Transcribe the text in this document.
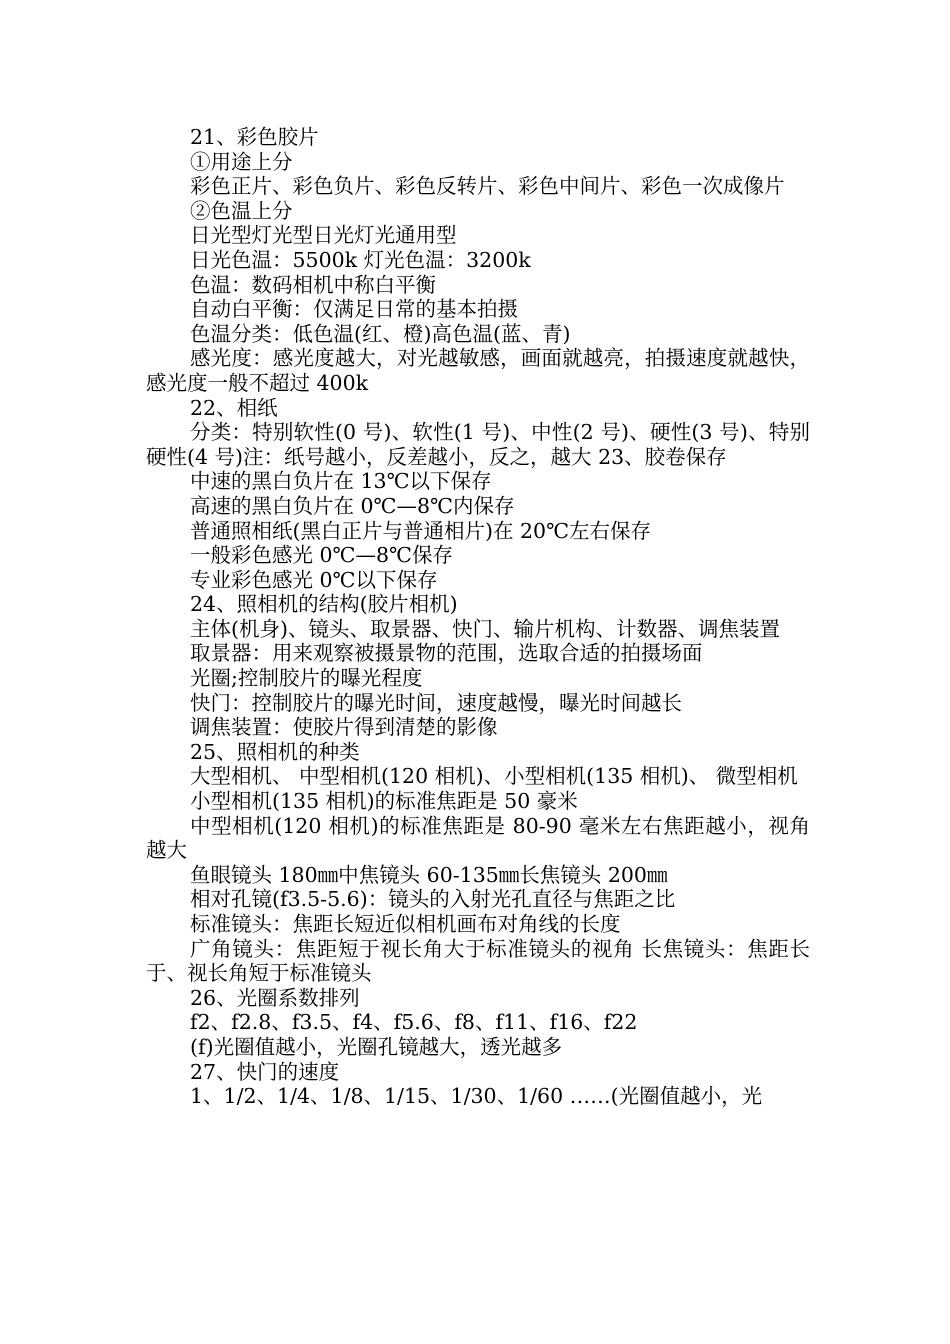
21、彩色胶片

①用途上分

彩色正片、彩色负片、彩色反转片、彩色中间片、彩色一次成像片

②色温上分

日光型灯光型日光灯光通用型

日光色温：5500k 灯光色温：3200k

色温：数码相机中称白平衡

自动白平衡：仅满足日常的基本拍摄

色温分类：低色温(红、橙)高色温(蓝、青)

感光度：感光度越大，对光越敏感，画面就越亮，拍摄速度就越快，感光度一般不超过 400k

22、相纸

分类：特别软性(0 号)、软性(1 号)、中性(2 号)、硬性(3 号)、特别硬性(4 号)注：纸号越小，反差越小，反之，越大 23、胶卷保存

中速的黑白负片在 13℃以下保存

高速的黑白负片在 0℃—8℃内保存

普通照相纸(黑白正片与普通相片)在 20℃左右保存

一般彩色感光 0℃—8℃保存

专业彩色感光 0℃以下保存

24、照相机的结构(胶片相机)

主体(机身)、镜头、取景器、快门、输片机构、计数器、调焦装置

取景器：用来观察被摄景物的范围，选取合适的拍摄场面

光圈;控制胶片的曝光程度

快门：控制胶片的曝光时间，速度越慢，曝光时间越长

调焦装置：使胶片得到清楚的影像

25、照相机的种类

大型相机、 中型相机(120 相机)、小型相机(135 相机)、 微型相机

小型相机(135 相机)的标准焦距是 50 豪米

中型相机(120 相机)的标准焦距是 80-90 毫米左右焦距越小，视角越大

鱼眼镜头 180㎜中焦镜头 60-135㎜长焦镜头 200㎜

相对孔镜(f3.5-5.6)：镜头的入射光孔直径与焦距之比

标准镜头：焦距长短近似相机画布对角线的长度

广角镜头：焦距短于视长角大于标准镜头的视角 长焦镜头：焦距长于、视长角短于标准镜头

26、光圈系数排列

f2、f2.8、f3.5、f4、f5.6、f8、f11、f16、f22

(f)光圈值越小，光圈孔镜越大，透光越多

27、快门的速度

1、1/2、1/4、1/8、1/15、1/30、1/60 ……(光圈值越小，光
